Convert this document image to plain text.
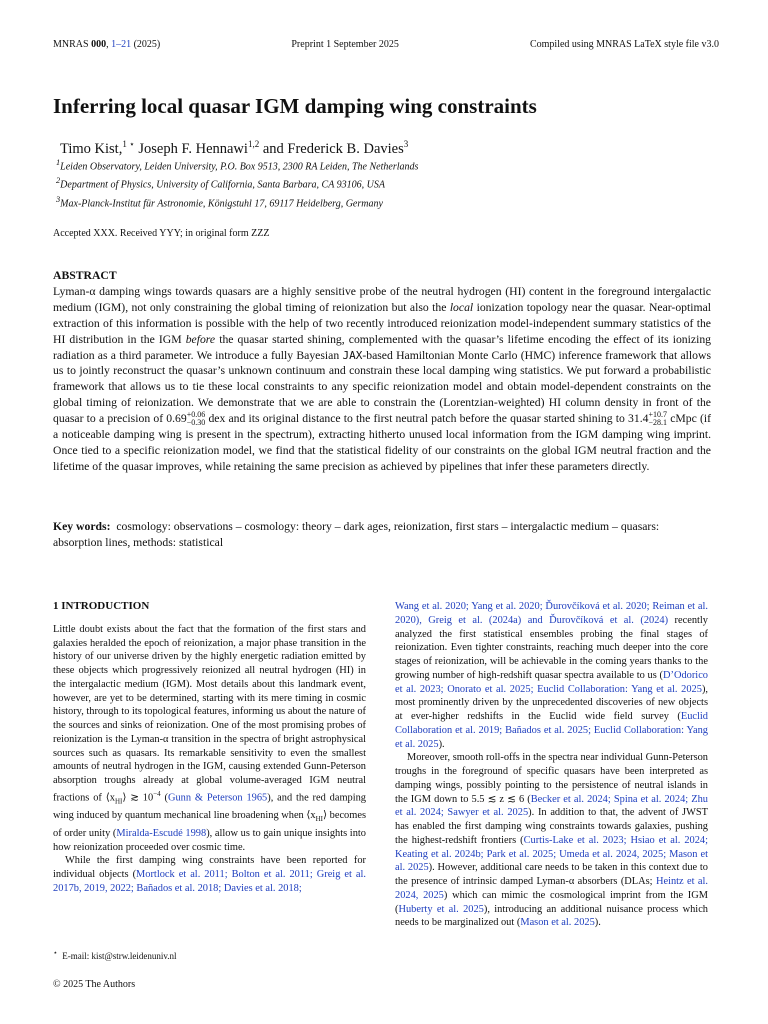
MNRAS 000, 1–21 (2025)	Preprint 1 September 2025	Compiled using MNRAS LaTeX style file v3.0
Inferring local quasar IGM damping wing constraints
Timo Kist,$^{1 ⋆}$ Joseph F. Hennawi$^{1,2}$ and Frederick B. Davies$^3$
$^1$Leiden Observatory, Leiden University, P.O. Box 9513, 2300 RA Leiden, The Netherlands
$^2$Department of Physics, University of California, Santa Barbara, CA 93106, USA
$^3$Max-Planck-Institut für Astronomie, Königstuhl 17, 69117 Heidelberg, Germany
Accepted XXX. Received YYY; in original form ZZZ
ABSTRACT
Lyman-α damping wings towards quasars are a highly sensitive probe of the neutral hydrogen (HI) content in the foreground intergalactic medium (IGM), not only constraining the global timing of reionization but also the local ionization topology near the quasar. Near-optimal extraction of this information is possible with the help of two recently introduced reionization model-independent summary statistics of the HI distribution in the IGM before the quasar started shining, complemented with the quasar’s lifetime encoding the effect of its ionizing radiation as a third parameter. We introduce a fully Bayesian JAX-based Hamiltonian Monte Carlo (HMC) inference framework that allows us to jointly reconstruct the quasar’s unknown continuum and constrain these local damping wing statistics. We put forward a probabilistic framework that allows us to tie these local constraints to any specific reionization model and obtain model-dependent constraints on the global timing of reionization. We demonstrate that we are able to constrain the (Lorentzian-weighted) HI column density in front of the quasar to a precision of 0.69 +0.06
−0.30 dex and its original distance to the first neutral patch before the quasar started shining to 31.4 +10.7
−28.1 cMpc (if a noticeable damping wing is present in the spectrum), extracting hitherto unused local information from the IGM damping wing imprint. Once tied to a specific reionization model, we find that the statistical fidelity of our constraints on the global IGM neutral fraction and the lifetime of the quasar improves, while retaining the same precision as achieved by pipelines that infer these parameters directly.
Key words: cosmology: observations – cosmology: theory – dark ages, reionization, first stars – intergalactic medium – quasars: absorption lines, methods: statistical
1 INTRODUCTION

Little doubt exists about the fact that the formation of the first stars and galaxies heralded the epoch of reionization, a major phase transition in the history of our universe driven by the highly energetic radiation emitted by these objects which progressively reionized all neutral hydrogen (HI) in the intergalactic medium (IGM). Most details about this landmark event, however, are yet to be determined, starting with its mere timing in cosmic history, through to its topological features, informing us about the nature of the sources and sinks of reionization. One of the most promising probes of reionization is the Lyman-α transition in the spectra of bright astrophysical sources such as quasars. Its remarkable sensitivity to even the smallest amounts of neutral hydrogen in the IGM, causing extended Gunn-Peterson absorption troughs already at global volume-averaged IGM neutral fractions of $⟨x_{HI}⟩$ ≳ $10^{-4}$ (Gunn & Peterson 1965), and the red damping wing induced by quantum mechanical line broadening when $⟨x_{HI}⟩$ becomes of order unity (Miralda-Escudé 1998), allow us to gain unique insights into how reionization proceeded over cosmic time.

While the first damping wing constraints have been reported for individual objects (Mortlock et al. 2011; Bolton et al. 2011; Greig et al. 2017b, 2019, 2022; Bañados et al. 2018; Davies et al. 2018;

Wang et al. 2020; Yang et al. 2020; Ďurovčíková et al. 2020; Reiman et al. 2020), Greig et al. (2024a) and Ďurovčíková et al. (2024) recently analyzed the first statistical ensembles probing the final stages of reionization. Even tighter constraints, reaching much deeper into the core stages of reionization, will be achievable in the coming years thanks to the growing number of high-redshift quasar spectra available to us (D’Odorico et al. 2023; Onorato et al. 2025; Euclid Collaboration: Yang et al. 2025), most prominently driven by the unprecedented discoveries of new objects at ever-higher redshifts in the Euclid wide field survey (Euclid Collaboration et al. 2019; Bañados et al. 2025; Euclid Collaboration: Yang et al. 2025).

Moreover, smooth roll-offs in the spectra near individual Gunn-Peterson troughs in the foreground of specific quasars have been interpreted as damping wings, possibly pointing to the persistence of neutral islands in the IGM down to 5.5 ≲ z ≲ 6 (Becker et al. 2024; Spina et al. 2024; Zhu et al. 2024; Sawyer et al. 2025). In addition to that, the advent of JWST has enabled the first damping wing constraints towards galaxies, pushing the highest-redshift frontiers (Curtis-Lake et al. 2023; Hsiao et al. 2024; Keating et al. 2024b; Park et al. 2025; Umeda et al. 2024, 2025; Mason et al. 2025). However, additional care needs to be taken in this context due to the presence of intrinsic damped Lyman-α absorbers (DLAs; Heintz et al. 2024, 2025) which can mimic the cosmological imprint from the IGM (Huberty et al. 2025), introducing an additional nuisance process which needs to be marginalized out (Mason et al. 2025).

⋆ E-mail: kist@strw.leidenuniv.nl
© 2025 The Authors
